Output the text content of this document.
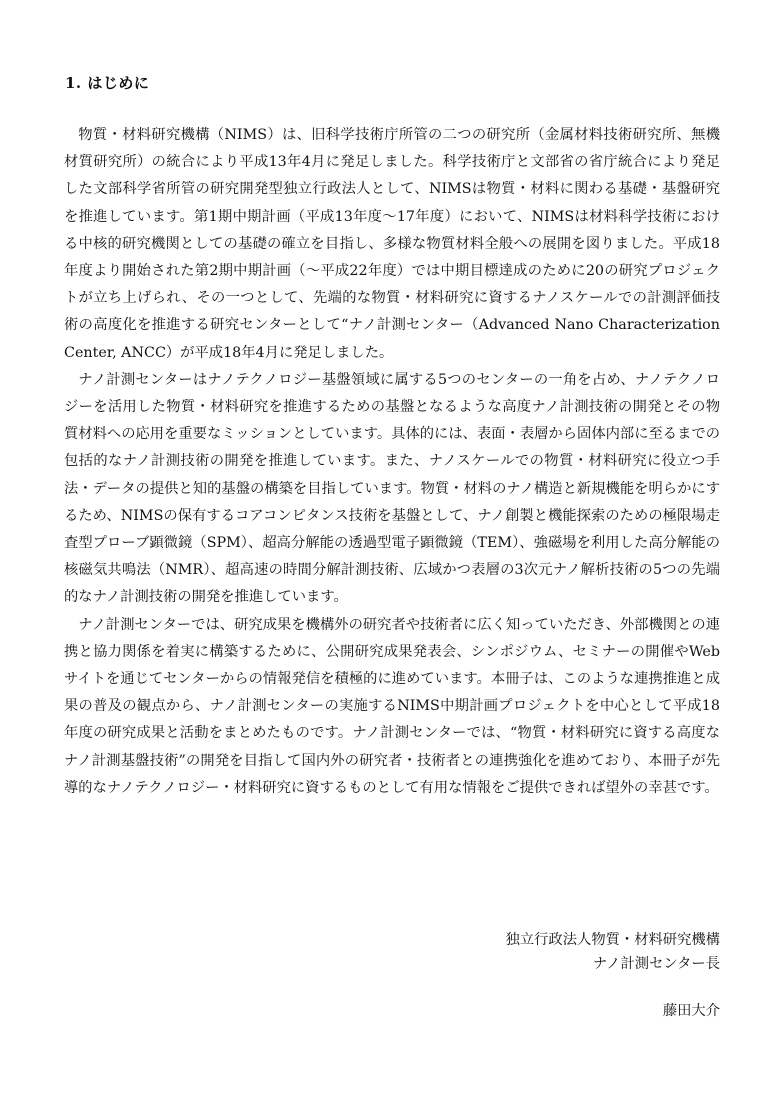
1. はじめに

物質・材料研究機構（NIMS）は、旧科学技術庁所管の二つの研究所（金属材料技術研究所、無機材質研究所）の統合により平成13年4月に発足しました。科学技術庁と文部省の省庁統合により発足した文部科学省所管の研究開発型独立行政法人として、NIMSは物質・材料に関わる基礎・基盤研究を推進しています。第1期中期計画（平成13年度〜17年度）において、NIMSは材料科学技術における中核的研究機関としての基礎の確立を目指し、多様な物質材料全般への展開を図りました。平成18年度より開始された第2期中期計画（〜平成22年度）では中期目標達成のために20の研究プロジェクトが立ち上げられ、その一つとして、先端的な物質・材料研究に資するナノスケールでの計測評価技術の高度化を推進する研究センターとして“ナノ計測センター（Advanced Nano Characterization Center, ANCC）が平成18年4月に発足しました。

ナノ計測センターはナノテクノロジー基盤領域に属する5つのセンターの一角を占め、ナノテクノロジーを活用した物質・材料研究を推進するための基盤となるような高度ナノ計測技術の開発とその物質材料への応用を重要なミッションとしています。具体的には、表面・表層から固体内部に至るまでの包括的なナノ計測技術の開発を推進しています。また、ナノスケールでの物質・材料研究に役立つ手法・データの提供と知的基盤の構築を目指しています。物質・材料のナノ構造と新規機能を明らかにするため、NIMSの保有するコアコンピタンス技術を基盤として、ナノ創製と機能探索のための極限場走査型プローブ顕微鏡（SPM）、超高分解能の透過型電子顕微鏡（TEM）、強磁場を利用した高分解能の核磁気共鳴法（NMR）、超高速の時間分解計測技術、広域かつ表層の3次元ナノ解析技術の5つの先端的なナノ計測技術の開発を推進しています。

ナノ計測センターでは、研究成果を機構外の研究者や技術者に広く知っていただき、外部機関との連携と協力関係を着実に構築するために、公開研究成果発表会、シンポジウム、セミナーの開催やWebサイトを通じてセンターからの情報発信を積極的に進めています。本冊子は、このような連携推進と成果の普及の観点から、ナノ計測センターの実施するNIMS中期計画プロジェクトを中心として平成18年度の研究成果と活動をまとめたものです。ナノ計測センターでは、“物質・材料研究に資する高度なナノ計測基盤技術”の開発を目指して国内外の研究者・技術者との連携強化を進めており、本冊子が先導的なナノテクノロジー・材料研究に資するものとして有用な情報をご提供できれば望外の幸甚です。

独立行政法人物質・材料研究機構
ナノ計測センター長
藤田大介
